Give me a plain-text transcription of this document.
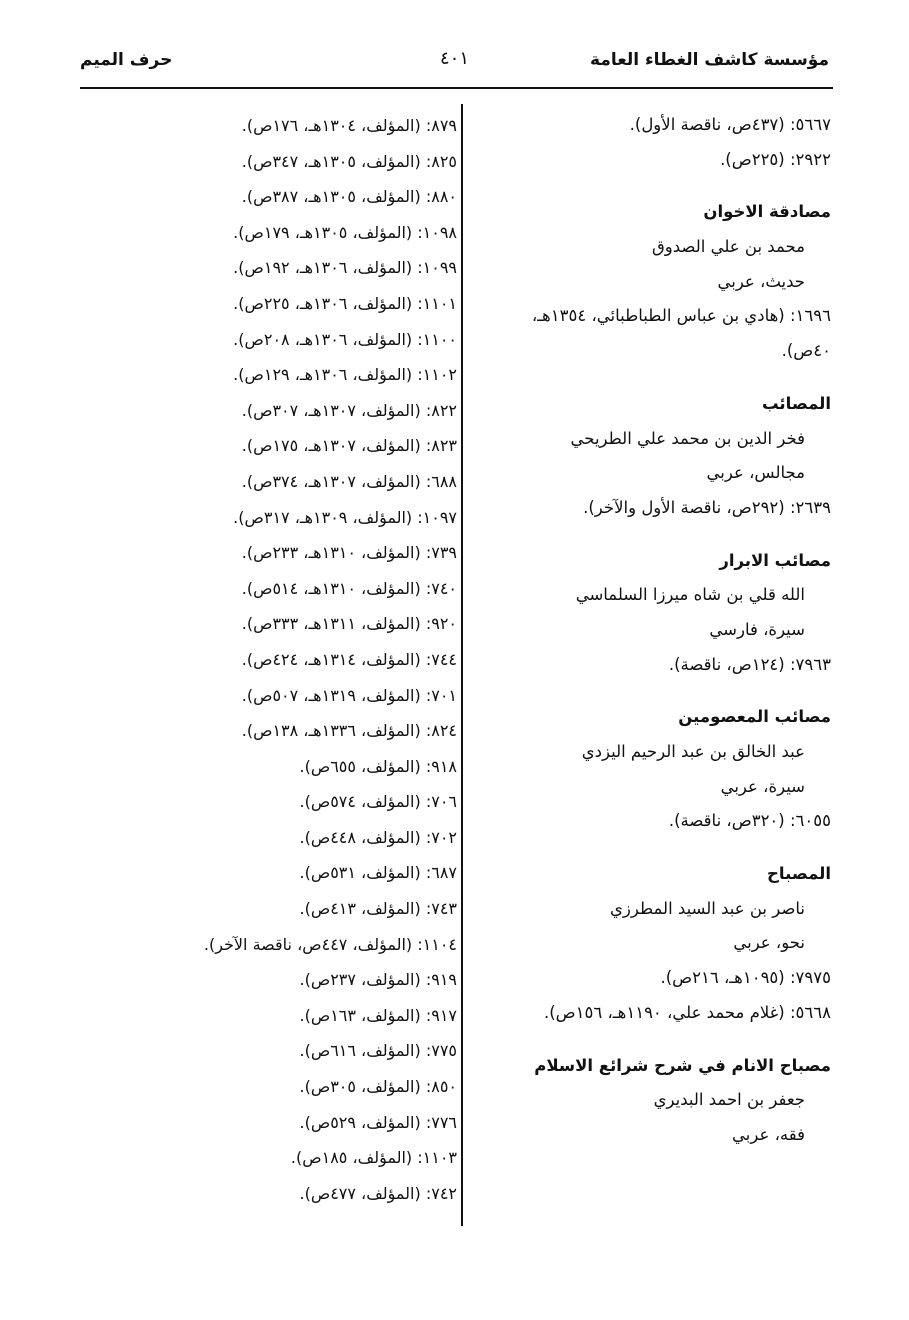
مؤسسة كاشف الغطاء العامة
٤٠١
حرف الميم
٥٦٦٧: (٤٣٧ص، ناقصة الأول).
٢٩٢٢: (٢٢٥ص).
مصادقة الاخوان
محمد بن علي الصدوق
حديث، عربي
١٦٩٦: (هادي بن عباس الطباطبائي، ١٣٥٤هـ،
٤٠ص).
المصائب
فخر الدين بن محمد علي الطريحي
مجالس، عربي
٢٦٣٩: (٢٩٢ص، ناقصة الأول والآخر).
مصائب الابرار
الله قلي بن شاه ميرزا السلماسي
سيرة، فارسي
٧٩٦٣: (١٢٤ص، ناقصة).
مصائب المعصومين
عبد الخالق بن عبد الرحيم اليزدي
سيرة، عربي
٦٠٥٥: (٣٢٠ص، ناقصة).
المصباح
ناصر بن عبد السيد المطرزي
نحو، عربي
٧٩٧٥: (١٠٩٥هـ، ٢١٦ص).
٥٦٦٨: (غلام محمد علي، ١١٩٠هـ، ١٥٦ص).
مصباح الانام في شرح شرائع الاسلام
جعفر بن احمد البديري
فقه، عربي
٨٧٩: (المؤلف، ١٣٠٤هـ، ١٧٦ص).
٨٢٥: (المؤلف، ١٣٠٥هـ، ٣٤٧ص).
٨٨٠: (المؤلف، ١٣٠٥هـ، ٣٨٧ص).
١٠٩٨: (المؤلف، ١٣٠٥هـ، ١٧٩ص).
١٠٩٩: (المؤلف، ١٣٠٦هـ، ١٩٢ص).
١١٠١: (المؤلف، ١٣٠٦هـ، ٢٢٥ص).
١١٠٠: (المؤلف، ١٣٠٦هـ، ٢٠٨ص).
١١٠٢: (المؤلف، ١٣٠٦هـ، ١٢٩ص).
٨٢٢: (المؤلف، ١٣٠٧هـ، ٣٠٧ص).
٨٢٣: (المؤلف، ١٣٠٧هـ، ١٧٥ص).
٦٨٨: (المؤلف، ١٣٠٧هـ، ٣٧٤ص).
١٠٩٧: (المؤلف، ١٣٠٩هـ، ٣١٧ص).
٧٣٩: (المؤلف، ١٣١٠هـ، ٢٣٣ص).
٧٤٠: (المؤلف، ١٣١٠هـ، ٥١٤ص).
٩٢٠: (المؤلف، ١٣١١هـ، ٣٣٣ص).
٧٤٤: (المؤلف، ١٣١٤هـ، ٤٢٤ص).
٧٠١: (المؤلف، ١٣١٩هـ، ٥٠٧ص).
٨٢٤: (المؤلف، ١٣٣٦هـ، ١٣٨ص).
٩١٨: (المؤلف، ٦٥٥ص).
٧٠٦: (المؤلف، ٥٧٤ص).
٧٠٢: (المؤلف، ٤٤٨ص).
٦٨٧: (المؤلف، ٥٣١ص).
٧٤٣: (المؤلف، ٤١٣ص).
١١٠٤: (المؤلف، ٤٤٧ص، ناقصة الآخر).
٩١٩: (المؤلف، ٢٣٧ص).
٩١٧: (المؤلف، ١٦٣ص).
٧٧٥: (المؤلف، ٦١٦ص).
٨٥٠: (المؤلف، ٣٠٥ص).
٧٧٦: (المؤلف، ٥٢٩ص).
١١٠٣: (المؤلف، ١٨٥ص).
٧٤٢: (المؤلف، ٤٧٧ص).
